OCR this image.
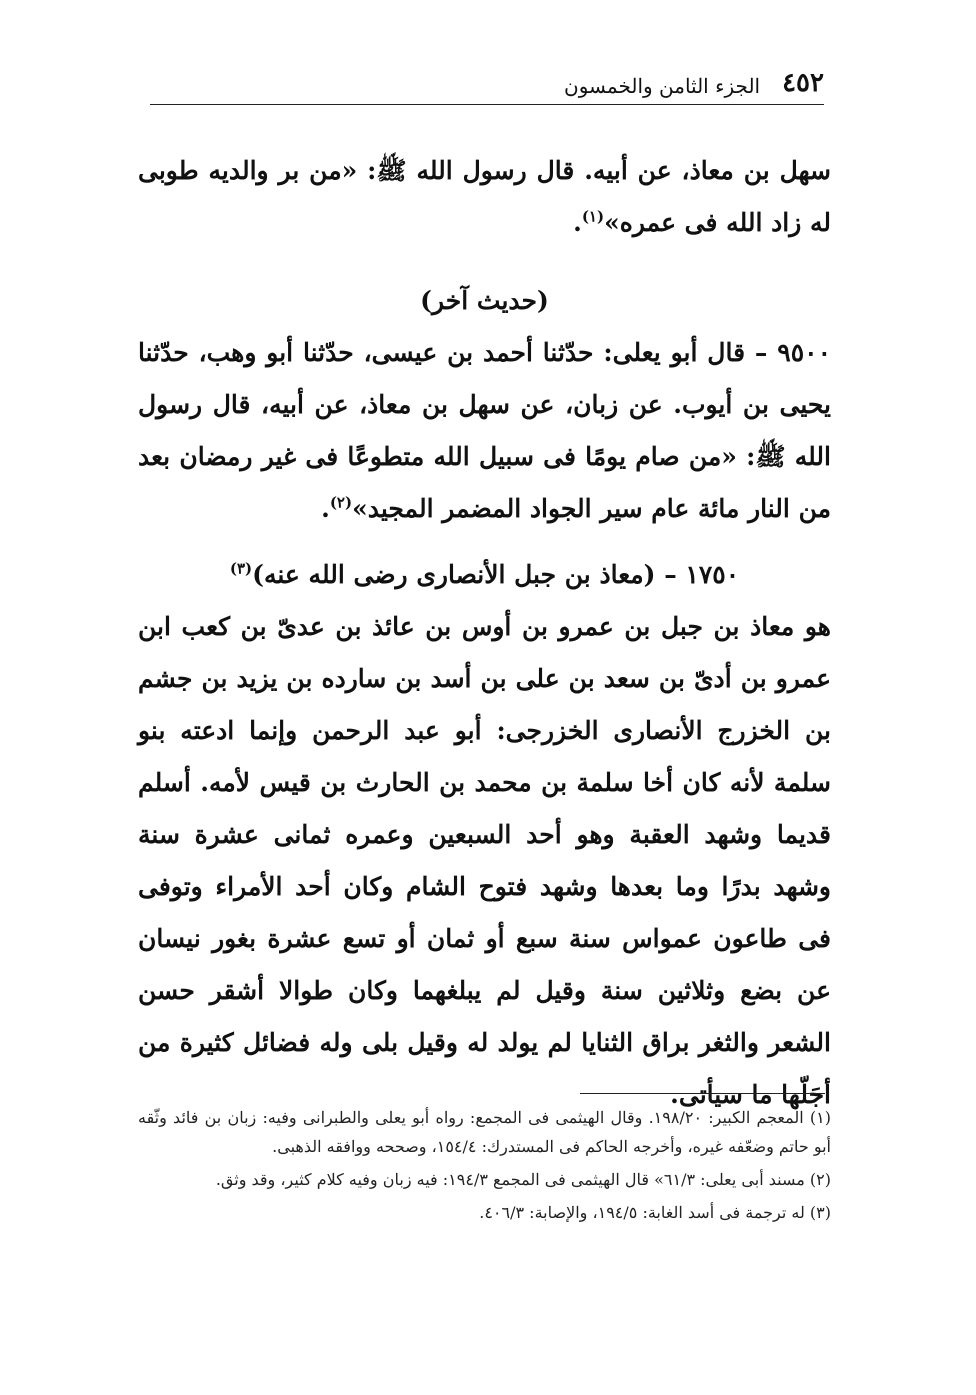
٤٥٢
الجزء الثامن والخمسون

سهل بن معاذ، عن أبيه. قال رسول الله ﷺ: «من بر والديه طوبى له زاد الله فى عمره»$^{(١)}$.

(حديث آخر)

٩٥٠٠ – قال أبو يعلى: حدّثنا أحمد بن عيسى، حدّثنا أبو وهب، حدّثنا يحيى بن أيوب. عن زبان، عن سهل بن معاذ، عن أبيه، قال رسول الله ﷺ: «من صام يومًا فى سبيل الله متطوعًا فى غير رمضان بعد من النار مائة عام سير الجواد المضمر المجيد»$^{(٢)}$.

١٧٥٠ – (معاذ بن جبل الأنصارى رضى الله عنه)$^{(٣)}$

هو معاذ بن جبل بن عمرو بن أوس بن عائذ بن عدىّ بن كعب ابن عمرو بن أدىّ بن سعد بن على بن أسد بن سارده بن يزيد بن جشم بن الخزرج الأنصارى الخزرجى: أبو عبد الرحمن وإنما ادعته بنو سلمة لأنه كان أخا سلمة بن محمد بن الحارث بن قيس لأمه. أسلم قديما وشهد العقبة وهو أحد السبعين وعمره ثمانى عشرة سنة وشهد بدرًا وما بعدها وشهد فتوح الشام وكان أحد الأمراء وتوفى فى طاعون عمواس سنة سبع أو ثمان أو تسع عشرة بغور نيسان عن بضع وثلاثين سنة وقيل لم يبلغهما وكان طوالا أشقر حسن الشعر والثغر براق الثنايا لم يولد له وقيل بلى وله فضائل كثيرة من أجَلّها ما سيأتى.

(١) المعجم الكبير: ١٩٨/٢٠. وقال الهيثمى فى المجمع: رواه أبو يعلى والطبرانى وفيه: زبان بن فائد وثّقه أبو حاتم وضعّفه غيره، وأخرجه الحاكم فى المستدرك: ١٥٤/٤، وصححه ووافقه الذهبى.

(٢) مسند أبى يعلى: ٦١/٣» قال الهيثمى فى المجمع ١٩٤/٣: فيه زبان وفيه كلام كثير، وقد وثق.

(٣) له ترجمة فى أسد الغابة: ١٩٤/٥، والإصابة: ٤٠٦/٣.
